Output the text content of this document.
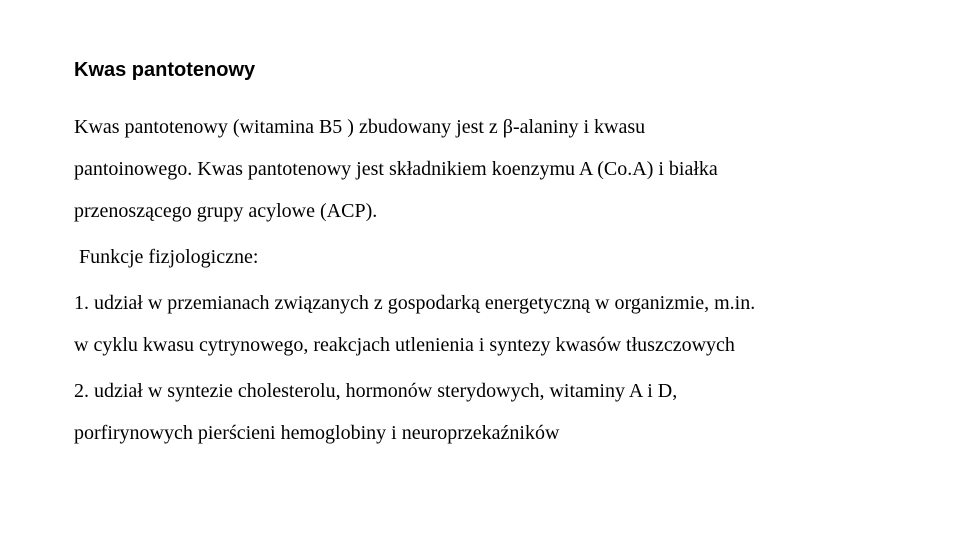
Kwas pantotenowy

Kwas pantotenowy (witamina B5 ) zbudowany jest z β-alaniny i kwasu
pantoinowego. Kwas pantotenowy jest składnikiem koenzymu A (Co.A) i białka
przenoszącego grupy acylowe (ACP).

Funkcje fizjologiczne:

1. udział w przemianach związanych z gospodarką energetyczną w organizmie, m.in.
w cyklu kwasu cytrynowego, reakcjach utlenienia i syntezy kwasów tłuszczowych

2. udział w syntezie cholesterolu, hormonów sterydowych, witaminy A i D,
porfirynowych pierścieni hemoglobiny i neuroprzekaźników
